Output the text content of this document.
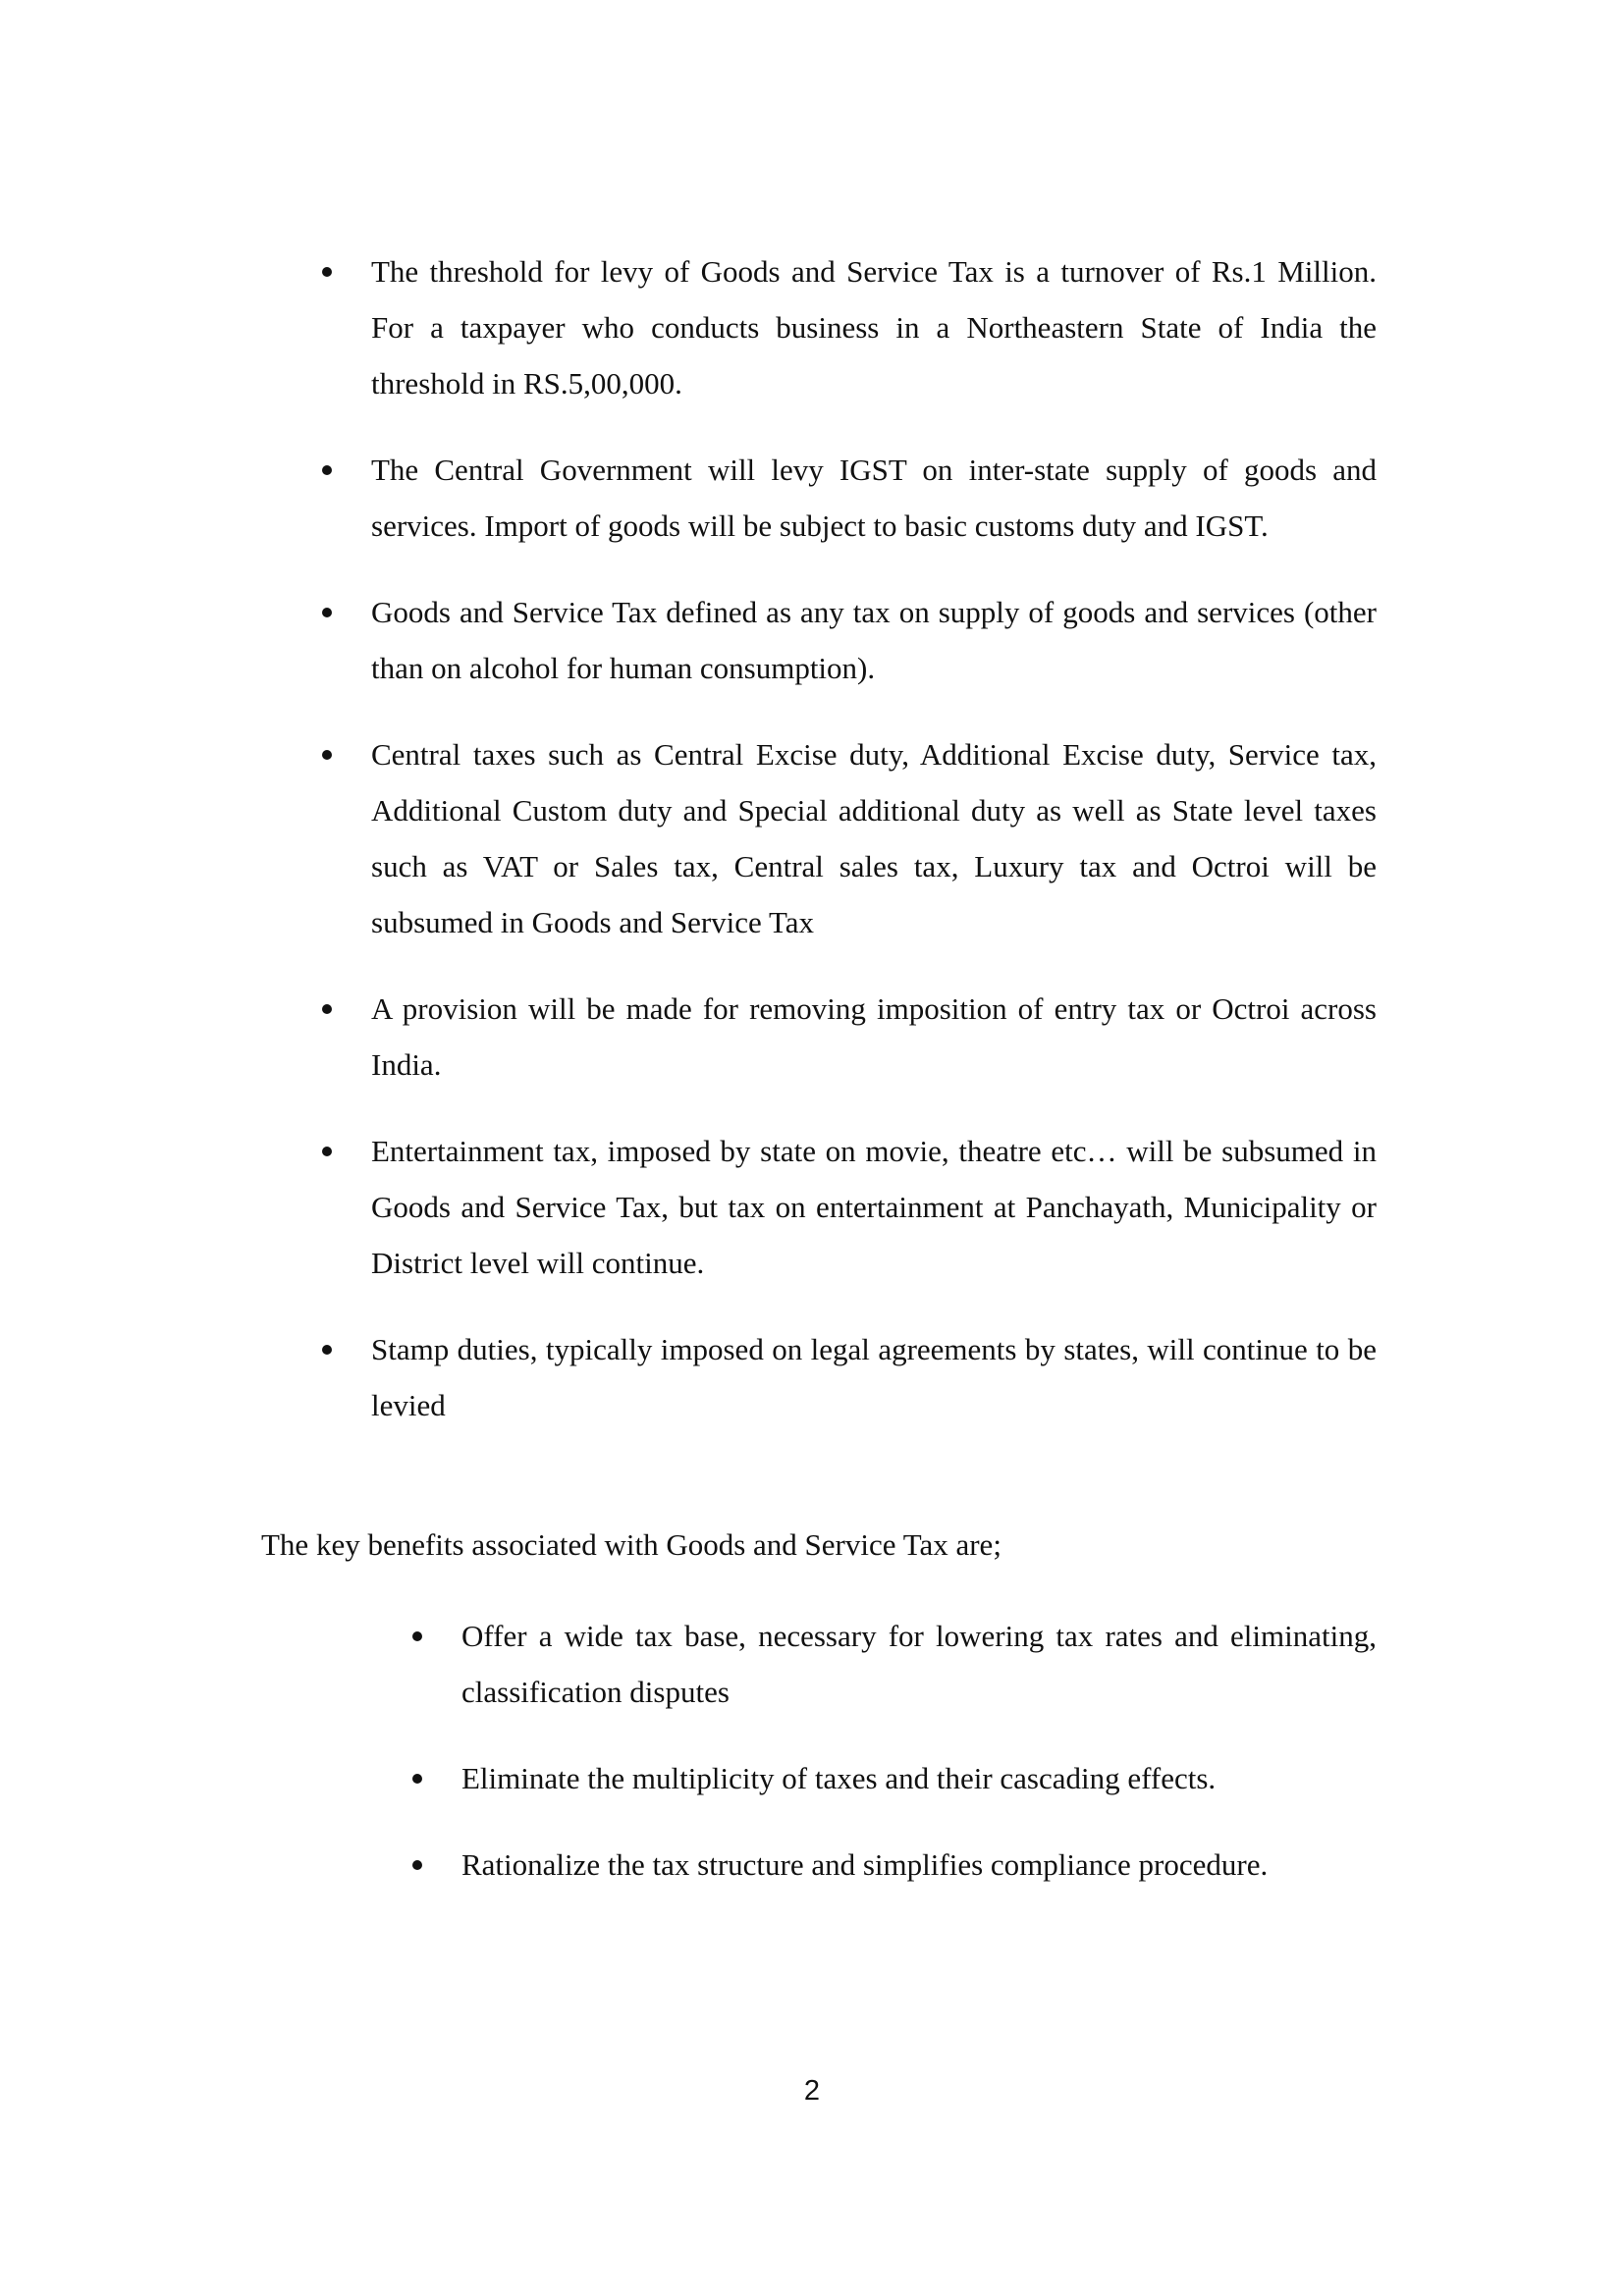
The threshold for levy of Goods and Service Tax is a turnover of Rs.1 Million. For a taxpayer who conducts business in a Northeastern State of India the threshold in RS.5,00,000.
The Central Government will levy IGST on inter-state supply of goods and services. Import of goods will be subject to basic customs duty and IGST.
Goods and Service Tax defined as any tax on supply of goods and services (other than on alcohol for human consumption).
Central taxes such as Central Excise duty, Additional Excise duty, Service tax, Additional Custom duty and Special additional duty as well as State level taxes such as VAT or Sales tax, Central sales tax, Luxury tax and Octroi will be subsumed in Goods and Service Tax
A provision will be made for removing imposition of entry tax or Octroi across India.
Entertainment tax, imposed by state on movie, theatre etc… will be subsumed in Goods and Service Tax, but tax on entertainment at Panchayath, Municipality or District level will continue.
Stamp duties, typically imposed on legal agreements by states, will continue to be levied

The key benefits associated with Goods and Service Tax are;

Offer a wide tax base, necessary for lowering tax rates and eliminating, classification disputes
Eliminate the multiplicity of taxes and their cascading effects.
Rationalize the tax structure and simplifies compliance procedure.
2
